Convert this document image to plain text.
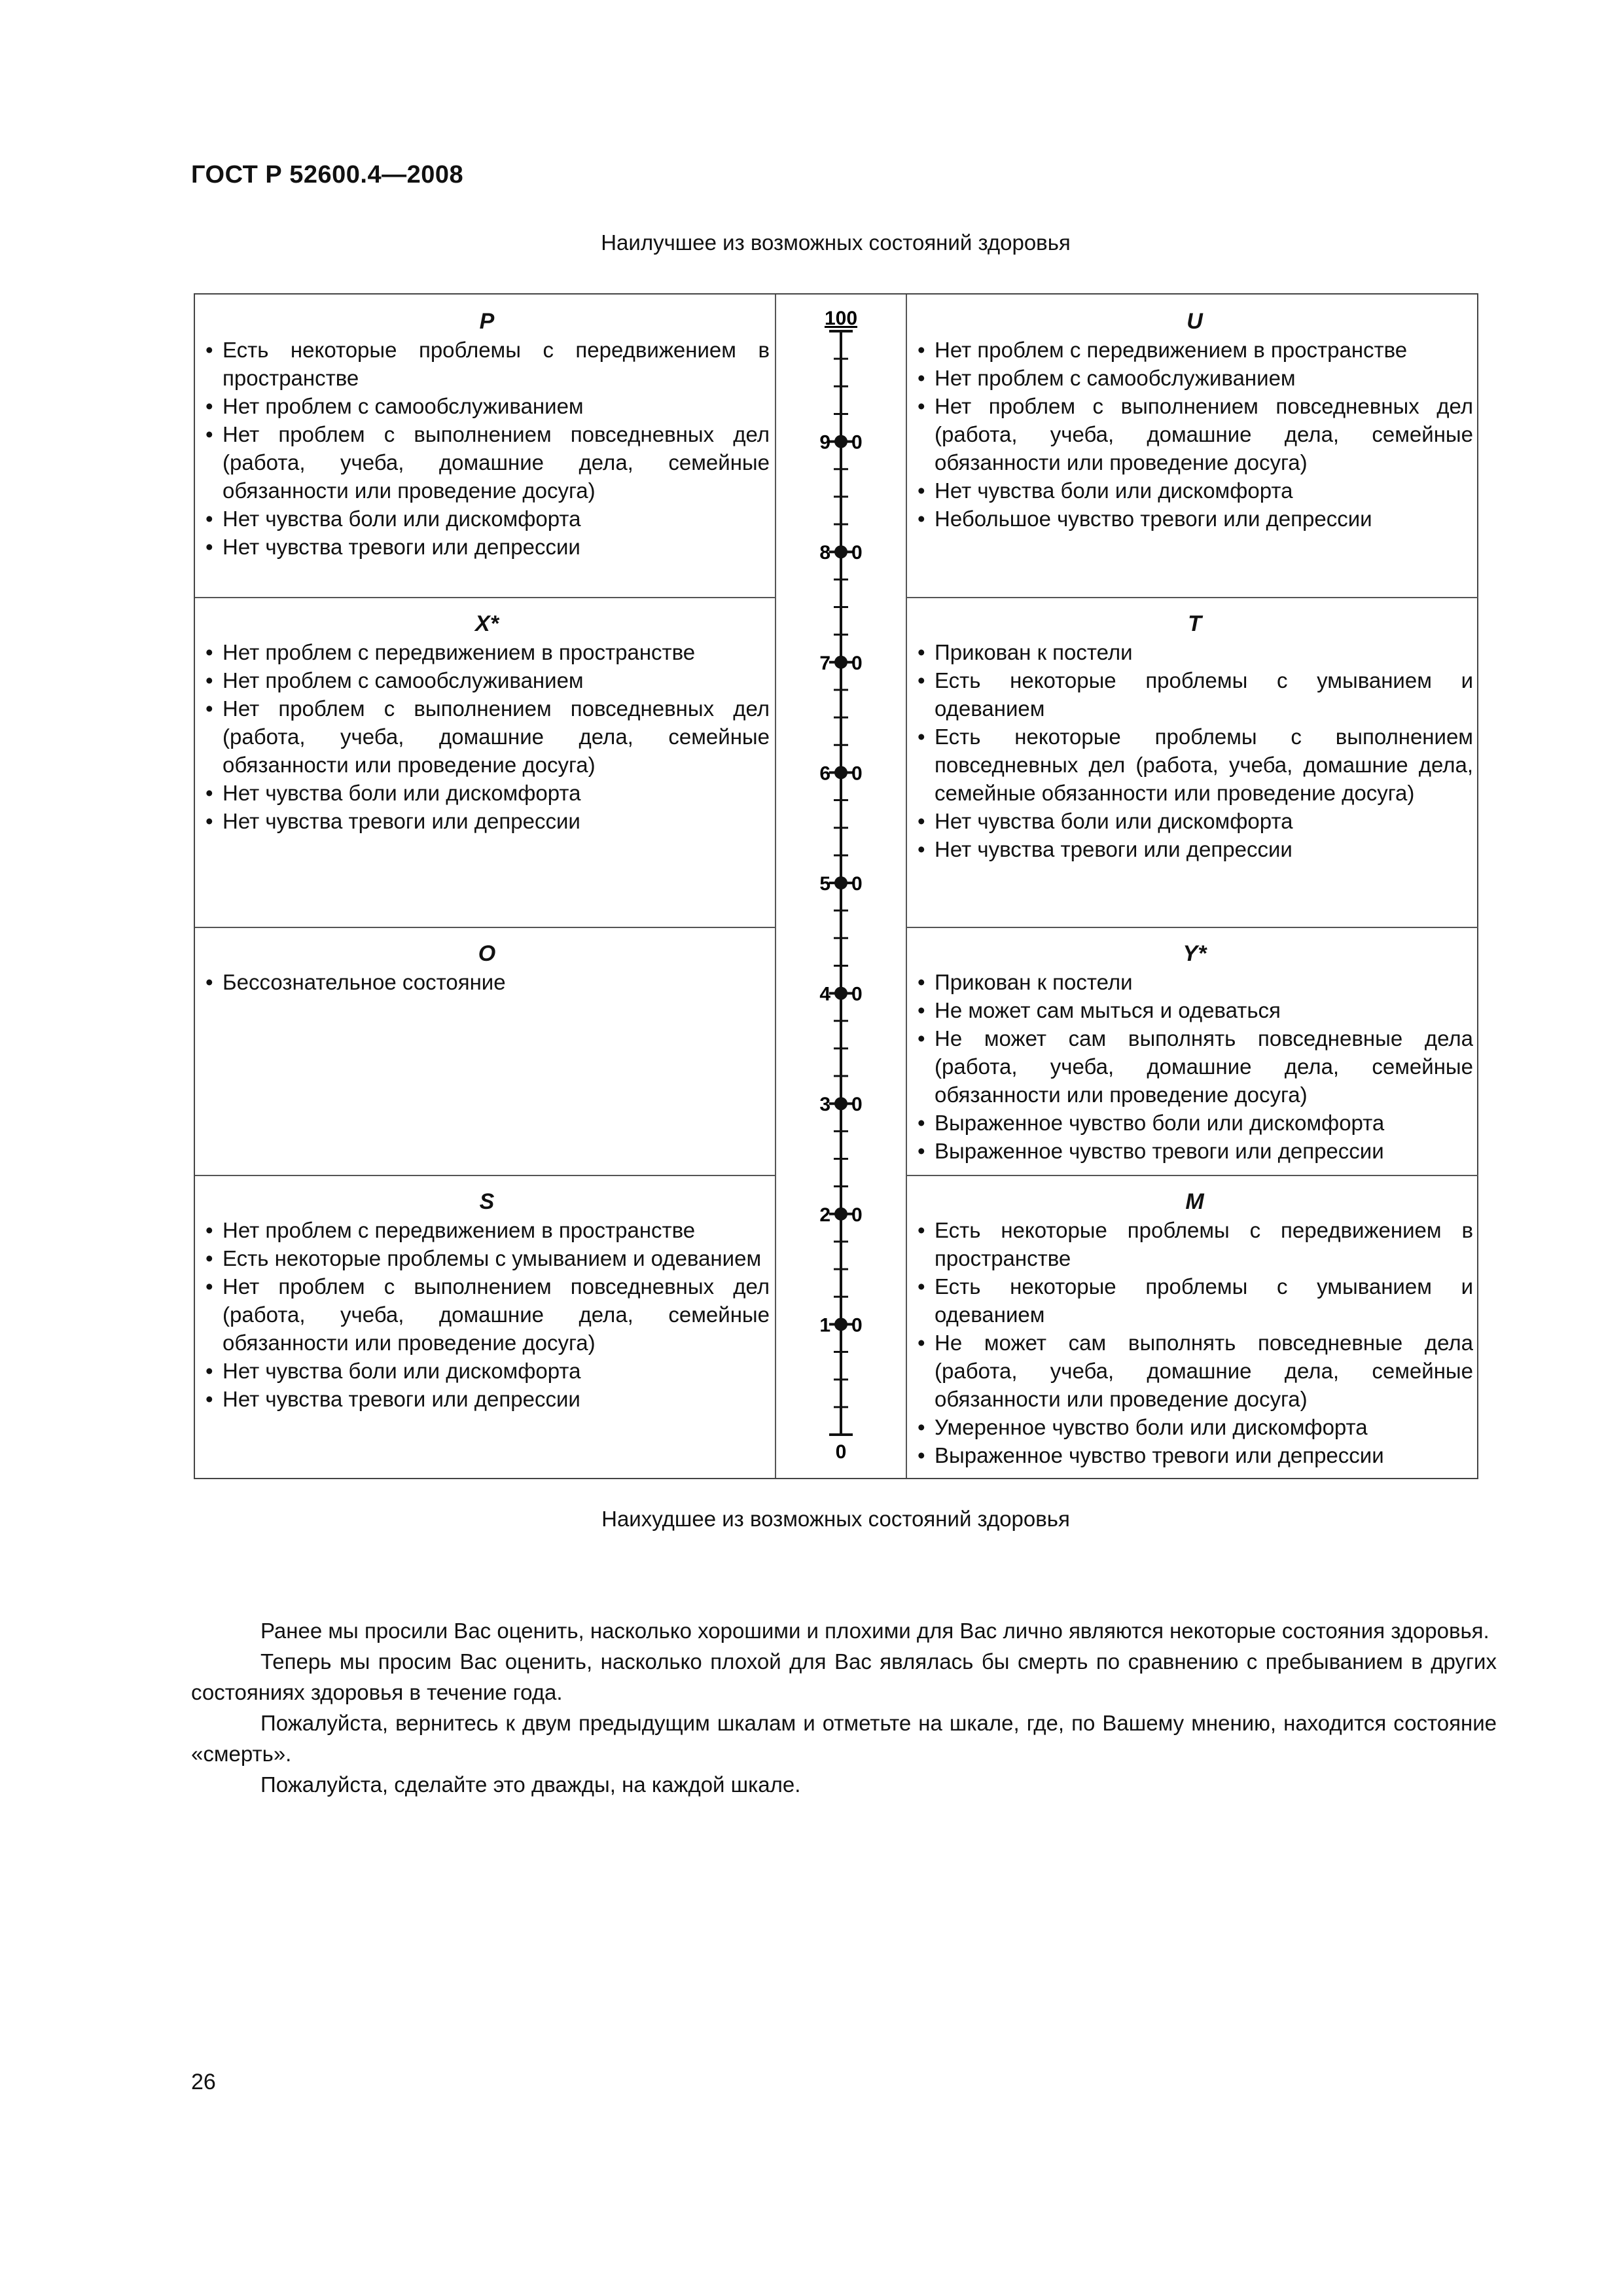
ГОСТ Р 52600.4—2008
Наилучшее из возможных состояний здоровья
P
• Есть некоторые проблемы с передвижением в пространстве
• Нет проблем с самообслуживанием
• Нет проблем с выполнением повседневных дел (работа, учеба, домашние дела, семейные обязанности или проведение досуга)
• Нет чувства боли или дискомфорта
• Нет чувства тревоги или депрессии
X*
• Нет проблем с передвижением в пространстве
• Нет проблем с самообслуживанием
• Нет проблем с выполнением повседневных дел (работа, учеба, домашние дела, семейные обязанности или проведение досуга)
• Нет чувства боли или дискомфорта
• Нет чувства тревоги или депрессии
O
• Бессознательное состояние
S
• Нет проблем с передвижением в пространстве
• Есть некоторые проблемы с умыванием и одеванием
• Нет проблем с выполнением повседневных дел (работа, учеба, домашние дела, семейные обязанности или проведение досуга)
• Нет чувства боли или дискомфорта
• Нет чувства тревоги или депрессии
U
• Нет проблем с передвижением в пространстве
• Нет проблем с самообслуживанием
• Нет проблем с выполнением повседневных дел (работа, учеба, домашние дела, семейные обязанности или проведение досуга)
• Нет чувства боли или дискомфорта
• Небольшое чувство тревоги или депрессии
T
• Прикован к постели
• Есть некоторые проблемы с умыванием и одеванием
• Есть некоторые проблемы с выполнением повседневных дел (работа, учеба, домашние дела, семейные обязанности или проведение досуга)
• Нет чувства боли или дискомфорта
• Нет чувства тревоги или депрессии
Y*
• Прикован к постели
• Не может сам мыться и одеваться
• Не может сам выполнять повседневные дела (работа, учеба, домашние дела, семейные обязанности или проведение досуга)
• Выраженное чувство боли или дискомфорта
• Выраженное чувство тревоги или депрессии
M
• Есть некоторые проблемы с передвижением в пространстве
• Есть некоторые проблемы с умыванием и одеванием
• Не может сам выполнять повседневные дела (работа, учеба, домашние дела, семейные обязанности или проведение досуга)
• Умеренное чувство боли или дискомфорта
• Выраженное чувство тревоги или депрессии
100
9 0
8 0
7 0
6 0
5 0
4 0
3 0
2 0
1 0
0
Наихудшее из возможных состояний здоровья

Ранее мы просили Вас оценить, насколько хорошими и плохими для Вас лично являются некоторые состояния здоровья.

Теперь мы просим Вас оценить, насколько плохой для Вас являлась бы смерть по сравнению с пребыванием в других состояниях здоровья в течение года.

Пожалуйста, вернитесь к двум предыдущим шкалам и отметьте на шкале, где, по Вашему мнению, находится состояние «смерть».

Пожалуйста, сделайте это дважды, на каждой шкале.

26
